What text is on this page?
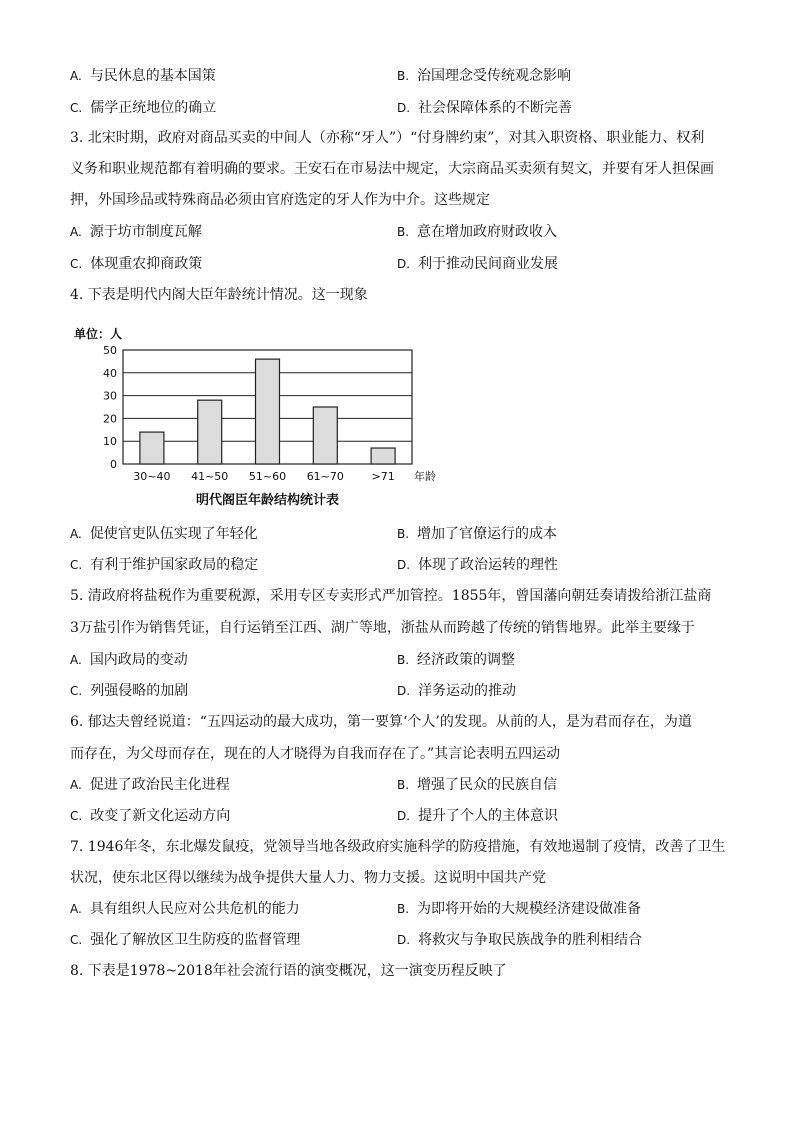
A. 与民休息的基本国策	B. 治国理念受传统观念影响
C. 儒学正统地位的确立	D. 社会保障体系的不断完善
3. 北宋时期，政府对商品买卖的中间人（亦称“牙人”）“付身牌约束”，对其入职资格、职业能力、权利
义务和职业规范都有着明确的要求。王安石在市易法中规定，大宗商品买卖须有契文，并要有牙人担保画
押，外国珍品或特殊商品必须由官府选定的牙人作为中介。这些规定
A. 源于坊市制度瓦解	B. 意在增加政府财政收入
C. 体现重农抑商政策	D. 利于推动民间商业发展
4. 下表是明代内阁大臣年龄统计情况。这一现象
单位：人
0
10
20
30
40
50
30~40 41~50 51~60 61~70	>71 年龄
明代阁臣年龄结构统计表
A. 促使官吏队伍实现了年轻化	B. 增加了官僚运行的成本
C. 有利于维护国家政局的稳定	D. 体现了政治运转的理性
5. 清政府将盐税作为重要税源，采用专区专卖形式严加管控。1855年，曾国藩向朝廷奏请拨给浙江盐商
3万盐引作为销售凭证，自行运销至江西、湖广等地，浙盐从而跨越了传统的销售地界。此举主要缘于
A. 国内政局的变动	B. 经济政策的调整
C. 列强侵略的加剧	D. 洋务运动的推动
6. 郁达夫曾经说道：“五四运动的最大成功，第一要算‘个人’的发现。从前的人，是为君而存在，为道
而存在，为父母而存在，现在的人才晓得为自我而存在了。”其言论表明五四运动
A. 促进了政治民主化进程	B. 增强了民众的民族自信
C. 改变了新文化运动方向	D. 提升了个人的主体意识
7. 1946年冬，东北爆发鼠疫，党领导当地各级政府实施科学的防疫措施，有效地遏制了疫情，改善了卫生
状况，使东北区得以继续为战争提供大量人力、物力支援。这说明中国共产党
A. 具有组织人民应对公共危机的能力	B. 为即将开始的大规模经济建设做准备
C. 强化了解放区卫生防疫的监督管理	D. 将救灾与争取民族战争的胜利相结合
8. 下表是1978~2018年社会流行语的演变概况，这一演变历程反映了
